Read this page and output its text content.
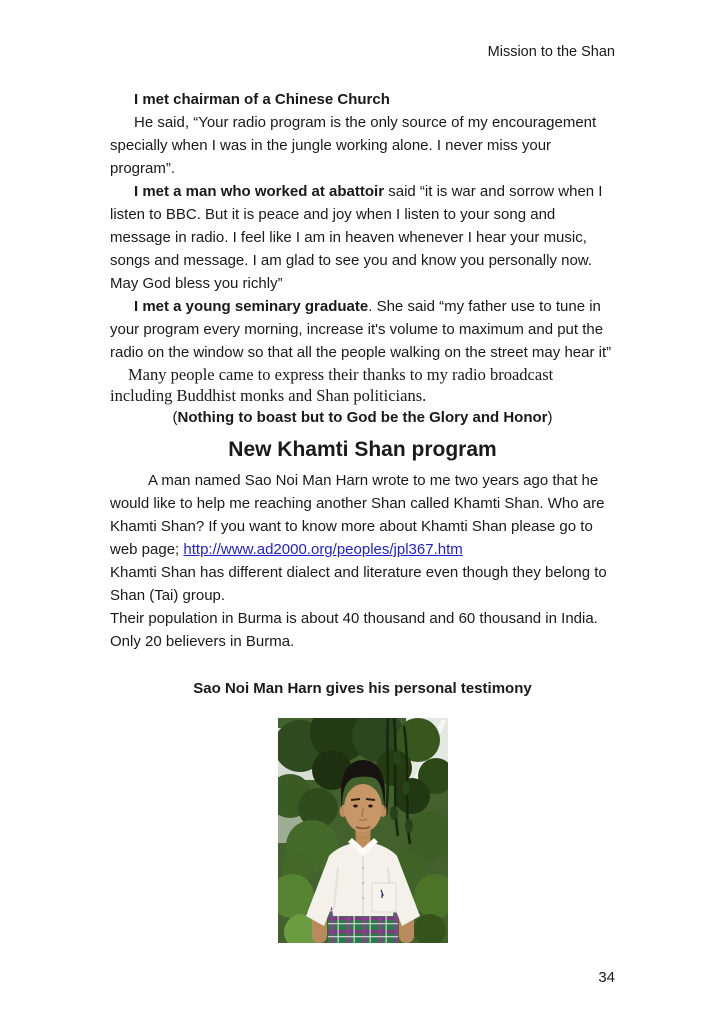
Mission to the Shan

I met chairman of a Chinese Church

He said, “Your radio program is the only source of my encouragement specially when I was in the jungle working alone. I never miss your program”.

I met a man who worked at abattoir said “it is war and sorrow when I listen to BBC. But it is peace and joy when I listen to your song and message in radio. I feel like I am in heaven whenever I hear your music, songs and message. I am glad to see you and know you personally now. May God bless you richly”

I met a young seminary graduate. She said “my father use to tune in your program every morning, increase it's volume to maximum and put the radio on the window so that all the people walking on the street may hear it”

Many people came to express their thanks to my radio broadcast including Buddhist monks and Shan politicians.

(Nothing to boast but to God be the Glory and Honor)

New Khamti Shan program

A man named Sao Noi Man Harn wrote to me two years ago that he would like to help me reaching another Shan called Khamti Shan. Who are Khamti Shan? If you want to know more about Khamti Shan please go to web page; http://www.ad2000.org/peoples/jpl367.htm

Khamti Shan has different dialect and literature even though they belong to Shan (Tai) group.

Their population in Burma is about 40 thousand and 60 thousand in India.

Only 20 believers in Burma.

Sao Noi Man Harn gives his personal testimony

34
